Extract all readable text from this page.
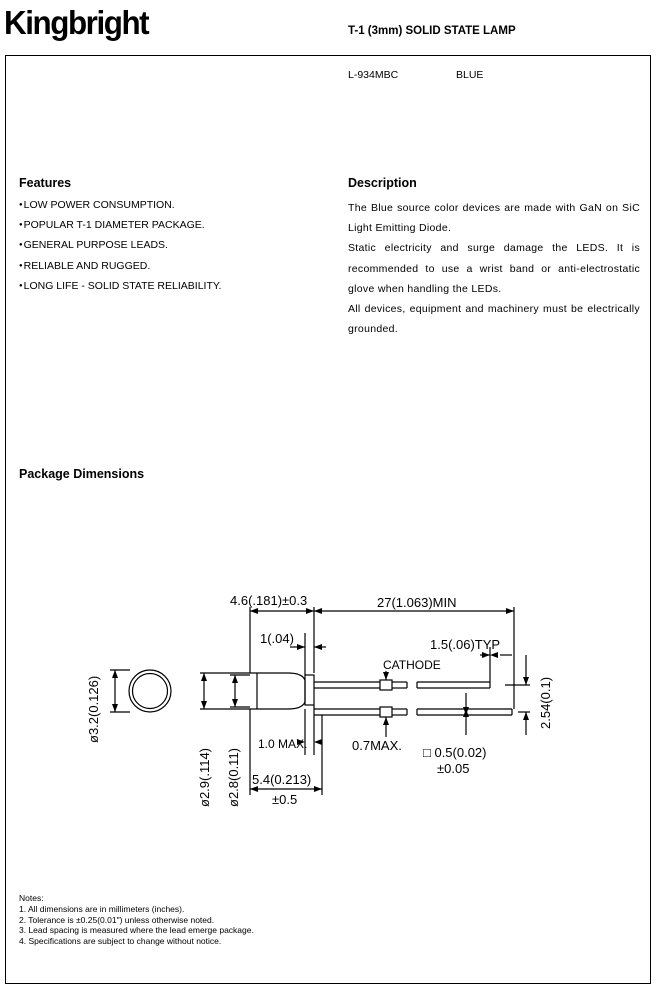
Kingbright	T-1 (3mm) SOLID STATE LAMP
L-934MBC	BLUE
Features
● LOW POWER CONSUMPTION.
● POPULAR T-1 DIAMETER PACKAGE.
● GENERAL PURPOSE LEADS.
● RELIABLE AND RUGGED.
● LONG LIFE - SOLID STATE RELIABILITY.
Description

The Blue source color devices are made with GaN on SiC Light Emitting Diode.

Static electricity and surge damage the LEDS. It is recommended to use a wrist band or anti-electrostatic glove when handling the LEDs.

All devices, equipment and machinery must be electrically grounded.

Package Dimensions
4.6(.181)±0.3	27(1.063)MIN
1(.04)	1.5(.06)TYP
CATHODE
1.0 MAX.	0.7MAX. □ 0.5(0.02)
±0.05
5.4(0.213)
±0.5
ø3.2(0.126)	2.54(0.1)
ø2.9(.114) ø2.8(0.11)
Notes:
1. All dimensions are in millimeters (inches).
2. Tolerance is ±0.25(0.01") unless otherwise noted.
3. Lead spacing is measured where the lead emerge package.
4. Specifications are subject to change without notice.
